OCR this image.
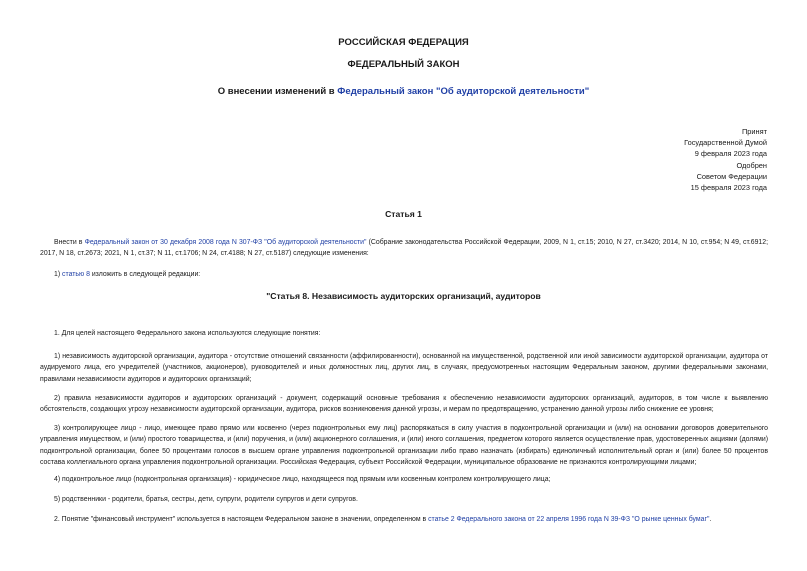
РОССИЙСКАЯ ФЕДЕРАЦИЯ
ФЕДЕРАЛЬНЫЙ ЗАКОН
О внесении изменений в Федеральный закон "Об аудиторской деятельности"
Принят
Государственной Думой
9 февраля 2023 года
Одобрен
Советом Федерации
15 февраля 2023 года
Статья 1
Внести в Федеральный закон от 30 декабря 2008 года N 307-ФЗ "Об аудиторской деятельности" (Собрание законодательства Российской Федерации, 2009, N 1, ст.15; 2010, N 27, ст.3420; 2014, N 10, ст.954; N 49, ст.6912; 2017, N 18, ст.2673; 2021, N 1, ст.37; N 11, ст.1706; N 24, ст.4188; N 27, ст.5187) следующие изменения:
1) статью 8 изложить в следующей редакции:
"Статья 8. Независимость аудиторских организаций, аудиторов
1. Для целей настоящего Федерального закона используются следующие понятия:
1) независимость аудиторской организации, аудитора - отсутствие отношений связанности (аффилированности), основанной на имущественной, родственной или иной зависимости аудиторской организации, аудитора от аудируемого лица, его учредителей (участников, акционеров), руководителей и иных должностных лиц, других лиц, в случаях, предусмотренных настоящим Федеральным законом, другими федеральными законами, правилами независимости аудиторов и аудиторских организаций;
2) правила независимости аудиторов и аудиторских организаций - документ, содержащий основные требования к обеспечению независимости аудиторских организаций, аудиторов, в том числе к выявлению обстоятельств, создающих угрозу независимости аудиторской организации, аудитора, рисков возникновения данной угрозы, и мерам по предотвращению, устранению данной угрозы либо снижение ее уровня;
3) контролирующее лицо - лицо, имеющее право прямо или косвенно (через подконтрольных ему лиц) распоряжаться в силу участия в подконтрольной организации и (или) на основании договоров доверительного управления имуществом, и (или) простого товарищества, и (или) поручения, и (или) акционерного соглашения, и (или) иного соглашения, предметом которого является осуществление прав, удостоверенных акциями (долями) подконтрольной организации, более 50 процентами голосов в высшем органе управления подконтрольной организации либо право назначать (избирать) единоличный исполнительный орган и (или) более 50 процентов состава коллегиального органа управления подконтрольной организации. Российская Федерация, субъект Российской Федерации, муниципальное образование не признаются контролирующими лицами;
4) подконтрольное лицо (подконтрольная организация) - юридическое лицо, находящееся под прямым или косвенным контролем контролирующего лица;
5) родственники - родители, братья, сестры, дети, супруги, родители супругов и дети супругов.
2. Понятие "финансовый инструмент" используется в настоящем Федеральном законе в значении, определенном в статье 2 Федерального закона от 22 апреля 1996 года N 39-ФЗ "О рынке ценных бумаг".
